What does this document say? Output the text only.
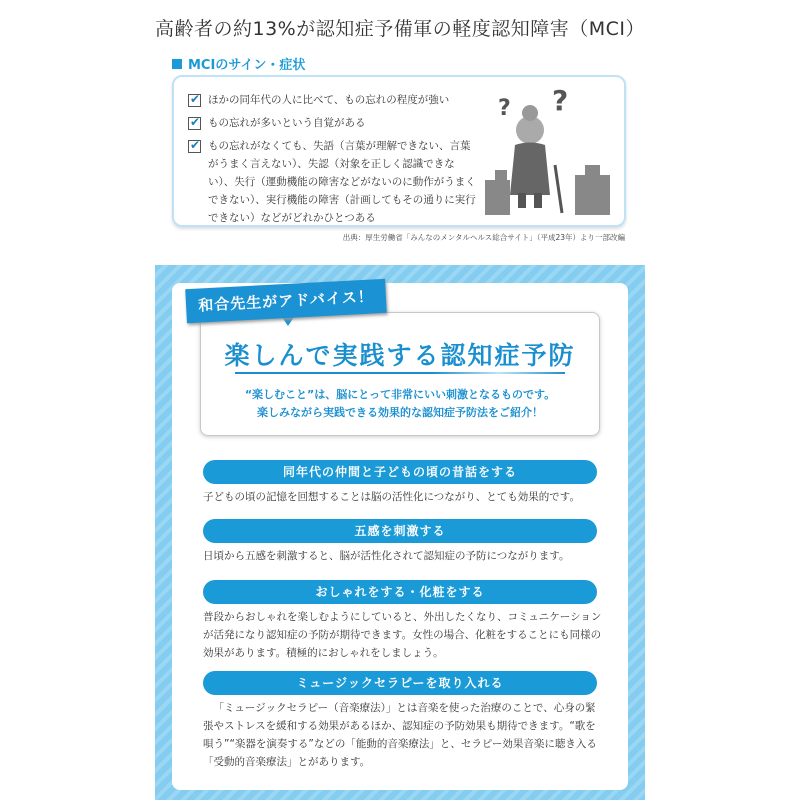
高齢者の約13%が認知症予備軍の軽度認知障害（MCI）
MCIのサイン・症状
✔
ほかの同年代の人に比べて、もの忘れの程度が強い
✔
もの忘れが多いという自覚がある
✔
もの忘れがなくても、失語（言葉が理解できない、言葉がうまく言えない）、失認（対象を正しく認識できない）、失行（運動機能の障害などがないのに動作がうまくできない）、実行機能の障害（計画してもその通りに実行できない）などがどれかひとつある
? ?
出典：厚生労働省「みんなのメンタルヘルス総合サイト」（平成23年）より一部改編
和合先生がアドバイス！
楽しんで実践する認知症予防
“楽しむこと”は、脳にとって非常にいい刺激となるものです。
楽しみながら実践できる効果的な認知症予防法をご紹介！
同年代の仲間と子どもの頃の昔話をする
子どもの頃の記憶を回想することは脳の活性化につながり、とても効果的です。
五感を刺激する
日頃から五感を刺激すると、脳が活性化されて認知症の予防につながります。
おしゃれをする・化粧をする
普段からおしゃれを楽しむようにしていると、外出したくなり、コミュニケーションが活発になり認知症の予防が期待できます。女性の場合、化粧をすることにも同様の効果があります。積極的におしゃれをしましょう。
ミュージックセラピーを取り入れる
「ミュージックセラピー（音楽療法）」とは音楽を使った治療のことで、心身の緊張やストレスを緩和する効果があるほか、認知症の予防効果も期待できます。“歌を唄う”“楽器を演奏する”などの「能動的音楽療法」と、セラピー効果音楽に聴き入る「受動的音楽療法」とがあります。
